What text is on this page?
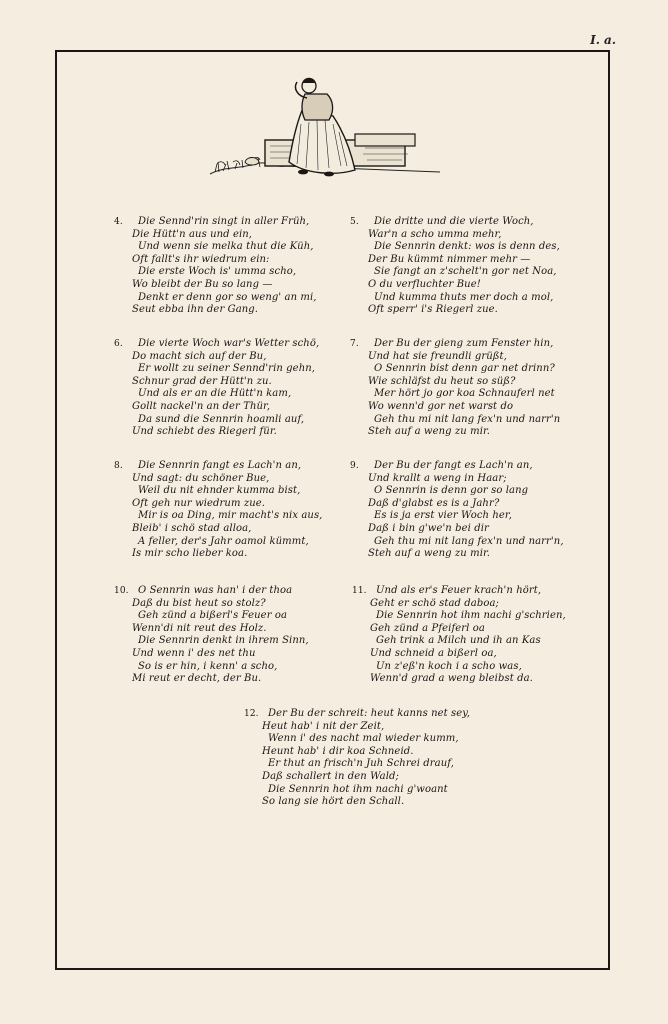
I. a.
4.	Die Sennd'rin singt in aller Früh,
Die Hütt'n aus und ein,
Und wenn sie melka thut die Küh,
Oft fallt's ihr wiedrum ein:
Die erste Woch is' umma scho,
Wo bleibt der Bu so lang —
Denkt er denn gor so weng' an mi,
Seut ebba ihn der Gang.
5.	Die dritte und die vierte Woch,
War'n a scho umma mehr,
Die Sennrin denkt: wos is denn des,
Der Bu kümmt nimmer mehr —
Sie fangt an z'schelt'n gor net Noa,
O du verfluchter Bue!
Und kumma thuts mer doch a mol,
Oft sperr' i's Riegerl zue.
6.	Die vierte Woch war's Wetter schö,
Do macht sich auf der Bu,
Er wollt zu seiner Sennd'rin gehn,
Schnur grad der Hütt'n zu.
Und als er an die Hütt'n kam,
Gollt nackel'n an der Thür,
Da sund die Sennrin hoamli auf,
Und schiebt des Riegerl für.
7.	Der Bu der gieng zum Fenster hin,
Und hat sie freundli grüßt,
O Sennrin bist denn gar net drinn?
Wie schläfst du heut so süß?
Mer hört jo gor koa Schnauferl net
Wo wenn'd gor net warst do
Geh thu mi nit lang fex'n und narr'n
Steh auf a weng zu mir.
8.	Die Sennrin fangt es Lach'n an,
Und sagt: du schöner Bue,
Weil du nit ehnder kumma bist,
Oft geh nur wiedrum zue.
Mir is oa Ding, mir macht's nix aus,
Bleib' i schö stad alloa,
A feller, der's Jahr oamol kümmt,
Is mir scho lieber koa.
9.	Der Bu der fangt es Lach'n an,
Und krallt a weng in Haar;
O Sennrin is denn gor so lang
Daß d'glabst es is a Jahr?
Es is ja erst vier Woch her,
Daß i bin g'we'n bei dir
Geh thu mi nit lang fex'n und narr'n,
Steh auf a weng zu mir.
10. O Sennrin was han' i der thoa
Daß du bist heut so stolz?
Geh zünd a bißerl's Feuer oa
Wenn'di nit reut des Holz.
Die Sennrin denkt in ihrem Sinn,
Und wenn i' des net thu
So is er hin, i kenn' a scho,
Mi reut er decht, der Bu.
11. Und als er's Feuer krach'n hört,
Geht er schö stad daboa;
Die Sennrin hot ihm nachi g'schrien,
Geh zünd a Pfeiferl oa
Geh trink a Milch und ih an Kas
Und schneid a bißerl oa,
Un z'eß'n koch i a scho was,
Wenn'd grad a weng bleibst da.
12. Der Bu der schreit: heut kanns net sey,
Heut hab' i nit der Zeit,
Wenn i' des nacht mal wieder kumm,
Heunt hab' i dir koa Schneid.
Er thut an frisch'n Juh Schrei drauf,
Daß schallert in den Wald;
Die Sennrin hot ihm nachi g'woant
So lang sie hört den Schall.
